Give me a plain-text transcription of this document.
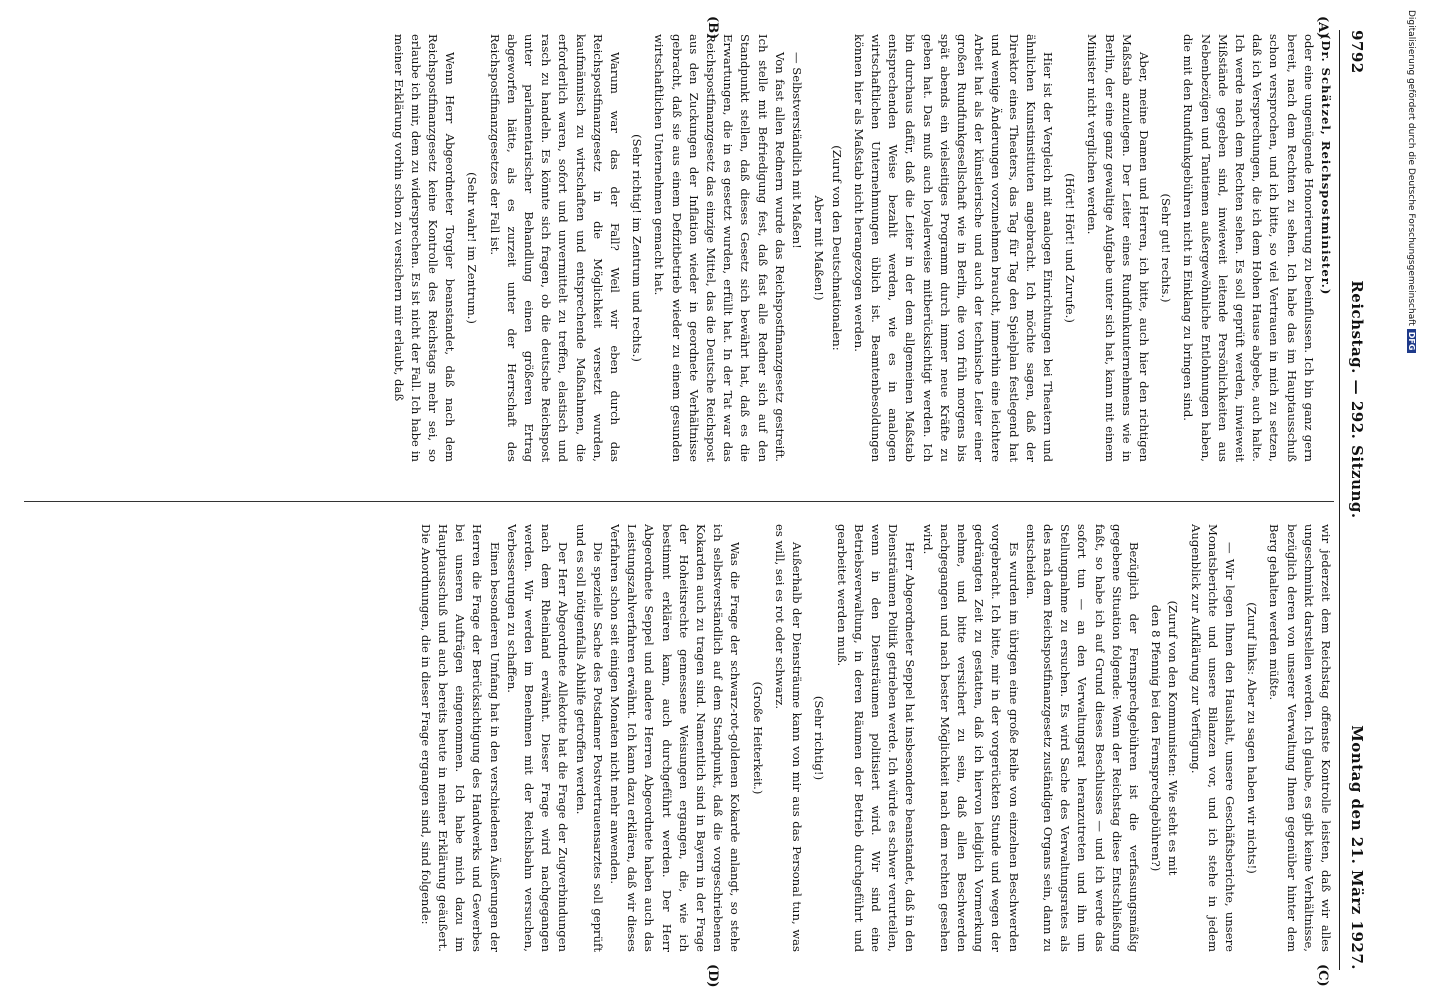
9792
Reichstag. — 292. Sitzung.
Montag den 21. März 1927.
(A)
(B)
(C)
(D)

(Dr. Schätzel, Reichspostminister.)

oder eine ungenügende Honorierung zu beeinflussen. Ich bin ganz gern bereit, nach dem Rechten zu sehen. Ich habe das im Hauptausschuß schon versprochen, und ich bitte, so viel Vertrauen in mich zu setzen, daß ich Versprechungen, die ich dem Hohen Hause abgebe, auch halte. Ich werde nach dem Rechten sehen. Es soll geprüft werden, inwieweit Mißstände gegeben sind, inwieweit leitende Persönlichkeiten aus Nebenbezügen und Tantiemen außergewöhnliche Entlohnungen haben, die mit den Rundfunkgebühren nicht in Einklang zu bringen sind.

(Sehr gut! rechts.)

Aber, meine Damen und Herren, ich bitte, auch hier den richtigen Maßstab anzulegen. Der Leiter eines Rundfunkunternehmens wie in Berlin, der eine ganz gewaltige Aufgabe unter sich hat, kann mit einem Minister nicht verglichen werden.

(Hört! Hört! und Zurufe.)

Hier ist der Vergleich mit analogen Einrichtungen bei Theatern und ähnlichen Kunstinstituten angebracht. Ich möchte sagen, daß der Direktor eines Theaters, das Tag für Tag den Spielplan festlegend hat und wenige Änderungen vorzunehmen braucht, immerhin eine leichtere Arbeit hat als der künstlerische und auch der technische Leiter einer großen Rundfunkgesellschaft wie in Berlin, die von früh morgens bis spät abends ein vielseitiges Programm durch immer neue Kräfte zu geben hat. Das muß auch loyalerweise mitberücksichtigt werden. Ich bin durchaus dafür, daß die Leiter in der dem allgemeinen Maßstab entsprechenden Weise bezahlt werden, wie es in analogen wirtschaftlichen Unternehmungen üblich ist. Beamtenbesoldungen können hier als Maßstab nicht herangezogen werden.

(Zuruf von den Deutschnationalen:

Aber mit Maßen!)

— Selbstverständlich mit Maßen!

Von fast allen Rednern wurde das Reichspostfinanzgesetz gestreift. Ich stelle mit Befriedigung fest, daß fast alle Redner sich auf den Standpunkt stellen, daß dieses Gesetz sich bewährt hat, daß es die Erwartungen, die in es gesetzt wurden, erfüllt hat. In der Tat war das Reichspostfinanzgesetz das einzige Mittel, das die Deutsche Reichspost aus den Zuckungen der Inflation wieder in geordnete Verhältnisse gebracht, daß sie aus einem Defizitbetrieb wieder zu einem gesunden wirtschaftlichen Unternehmen gemacht hat.

(Sehr richtig! im Zentrum und rechts.)

Warum war das der Fall? Weil wir eben durch das Reichspostfinanzgesetz in die Möglichkeit versetzt wurden, kaufmännisch zu wirtschaften und entsprechende Maßnahmen, die erforderlich waren, sofort und unvermittelt zu treffen, elastisch und rasch zu handeln. Es könnte sich fragen, ob die deutsche Reichspost unter parlamentarischer Behandlung einen größeren Ertrag abgeworfen hätte, als es zurzeit unter der Herrschaft des Reichspostfinanzgesetzes der Fall ist.

(Sehr wahr! im Zentrum.)

Wenn Herr Abgeordneter Torgler beanstandet, daß nach dem Reichspostfinanzgesetz keine Kontrolle des Reichstags mehr sei, so erlaube ich mir, dem zu widersprechen. Es ist nicht der Fall. Ich habe in meiner Erklärung vorhin schon zu versichern mir erlaubt, daß

wir jederzeit dem Reichstag offenste Kontrolle leisten, daß wir alles ungeschminkt darstellen werden. Ich glaube, es gibt keine Verhältnisse, bezüglich deren von unserer Verwaltung Ihnen gegenüber hinter dem Berg gehalten werden müßte.

(Zuruf links: Aber zu sagen haben wir nichts!)

— Wir legen Ihnen den Haushalt, unsere Geschäftsberichte, unsere Monatsberichte und unsere Bilanzen vor, und ich stehe in jedem Augenblick zur Aufklärung zur Verfügung.

(Zuruf von den Kommunisten: Wie steht es mit

den 8 Pfennig bei den Fernsprechgebühren?)

Bezüglich der Fernsprechgebühren ist die verfassungsmäßig gegebene Situation folgende: Wenn der Reichstag diese Entschließung faßt, so habe ich auf Grund dieses Beschlusses — und ich werde das sofort tun — an den Verwaltungsrat heranzutreten und ihn um Stellungnahme zu ersuchen. Es wird Sache des Verwaltungsrates als des nach dem Reichspostfinanzgesetz zuständigen Organs sein, dann zu entscheiden.

Es wurden im übrigen eine große Reihe von einzelnen Beschwerden vorgebracht. Ich bitte, mir in der vorgerückten Stunde und wegen der gedrängten Zeit zu gestatten, daß ich hiervon lediglich Vormerkung nehme, und bitte versichert zu sein, daß allen Beschwerden nachgegangen und nach bester Möglichkeit nach dem rechten gesehen wird.

Herr Abgeordneter Seppel hat insbesondere beanstandet, daß in den Diensträumen Politik getrieben werde. Ich würde es schwer verurteilen, wenn in den Diensträumen politisiert wird. Wir sind eine Betriebsverwaltung, in deren Räumen der Betrieb durchgeführt und gearbeitet werden muß.

(Sehr richtig!)

Außerhalb der Diensträume kann von mir aus das Personal tun, was es will, sei es rot oder schwarz.

(Große Heiterkeit.)

Was die Frage der schwarz-rot-goldenen Kokarde anlangt, so stehe ich selbstverständlich auf dem Standpunkt, daß die vorgeschriebenen Kokarden auch zu tragen sind. Namentlich sind in Bayern in der Frage der Hoheitsrechte gemessene Weisungen ergangen, die, wie ich bestimmt erklären kann, auch durchgeführt werden. Der Herr Abgeordnete Seppel und andere Herren Abgeordnete haben auch das Leistungszahlverfahren erwähnt. Ich kann dazu erklären, daß wir dieses Verfahren schon seit einigen Monaten nicht mehr anwenden.

Die spezielle Sache des Potsdamer Postvertrauensarztes soll geprüft und es soll nötigenfalls Abhilfe getroffen werden.

Der Herr Abgeordnete Allekotte hat die Frage der Zugverbindungen nach dem Rheinland erwähnt. Dieser Frage wird nachgegangen werden. Wir werden im Benehmen mit der Reichsbahn versuchen, Verbesserungen zu schaffen.

Einen besonderen Umfang hat in den verschiedenen Äußerungen der Herren die Frage der Berücksichtigung des Handwerks und Gewerbes bei unseren Aufträgen eingenommen. Ich habe mich dazu im Hauptausschuß und auch bereits heute in meiner Erklärung geäußert. Die Anordnungen, die in dieser Frage ergangen sind, sind folgende:

Digitalisierung gefördert durch die Deutsche ForschungsgemeinschaftDFG
